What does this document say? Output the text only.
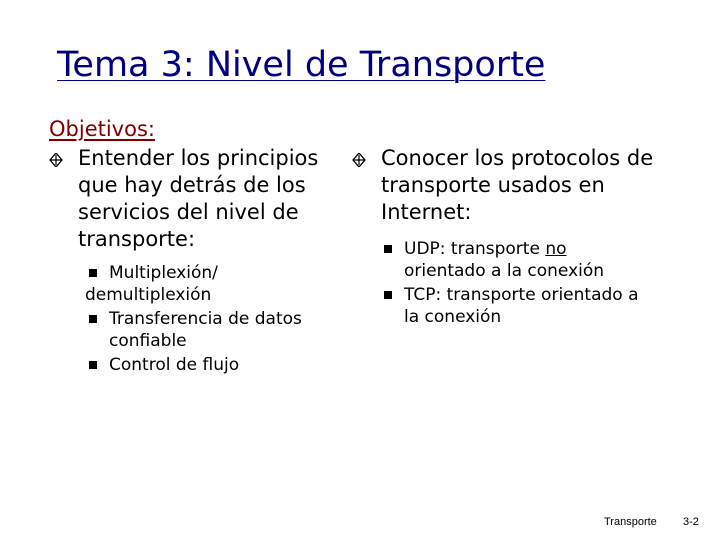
Tema 3: Nivel de Transporte
Objetivos:
Entender los principios
que hay detrás de los
servicios del nivel de
transporte:
Multiplexión/
demultiplexión
Transferencia de datos
confiable
Control de flujo
Conocer los protocolos de
transporte usados en
Internet:
UDP: transporte no
orientado a la conexión
TCP: transporte orientado a
la conexión
Transporte 3-2
